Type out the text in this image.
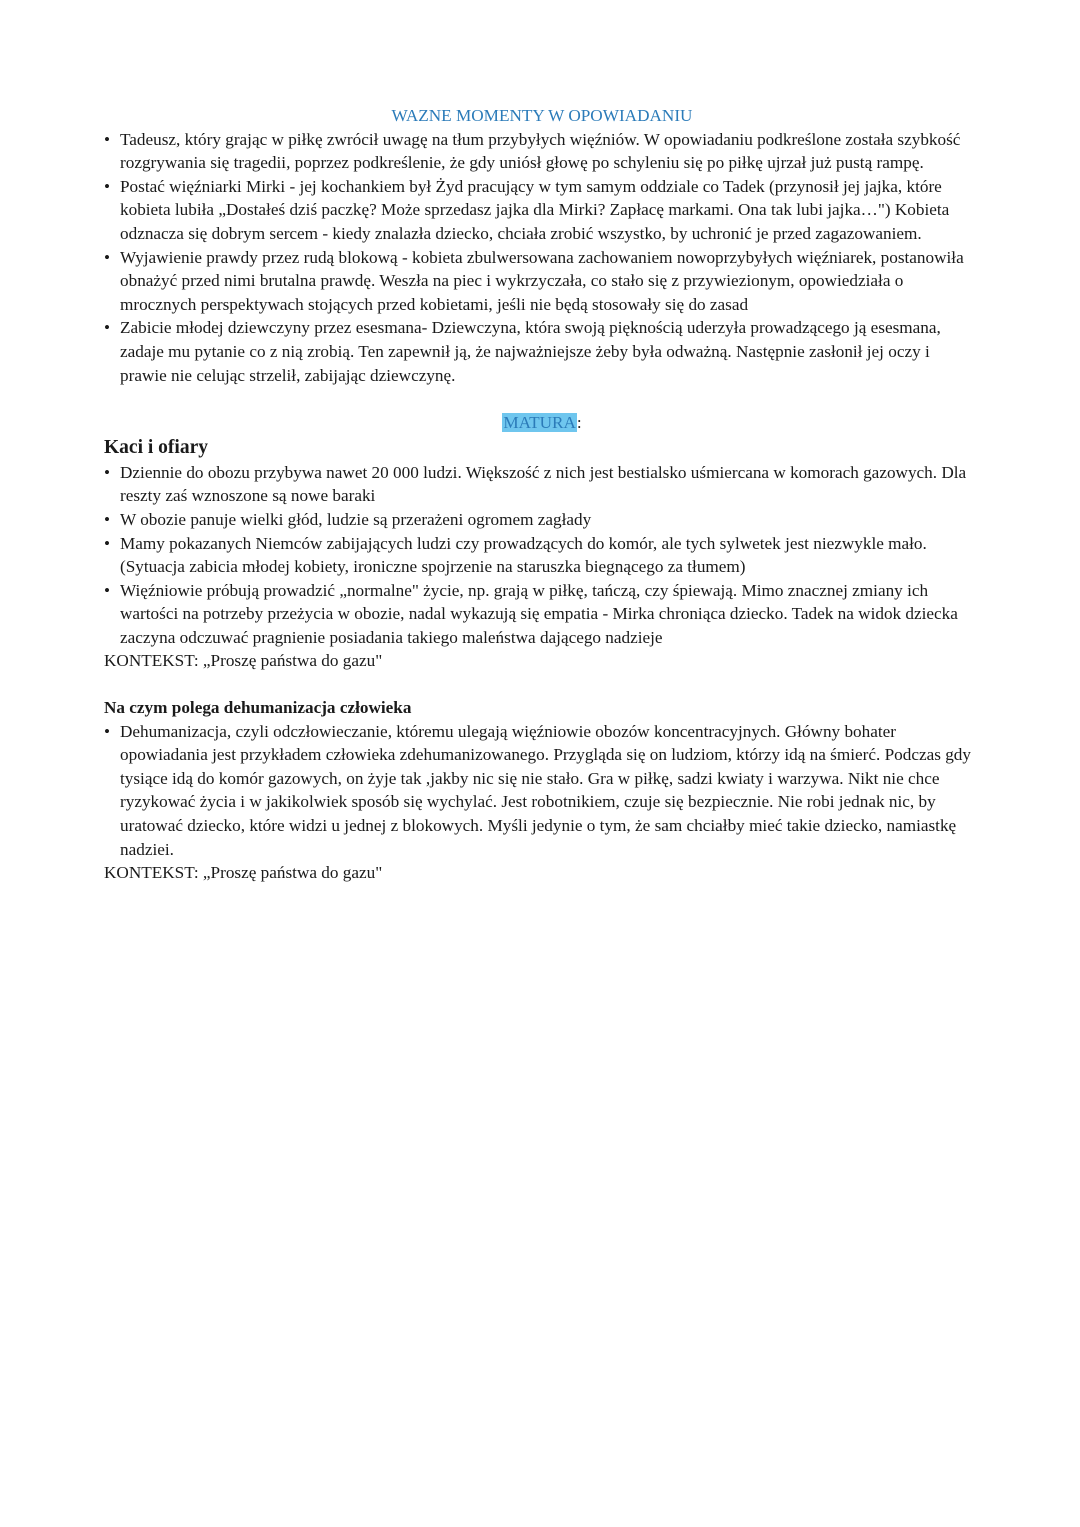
WAZNE MOMENTY W OPOWIADANIU

• Tadeusz, który grając w piłkę zwrócił uwagę na tłum przybyłych więźniów. W opowiadaniu podkreślone została szybkość rozgrywania się tragedii, poprzez podkreślenie, że gdy uniósł głowę po schyleniu się po piłkę ujrzał już pustą rampę.
• Postać więźniarki Mirki - jej kochankiem był Żyd pracujący w tym samym oddziale co Tadek (przynosił jej jajka, które kobieta lubiła „Dostałeś dziś paczkę? Może sprzedasz jajka dla Mirki? Zapłacę markami. Ona tak lubi jajka…") Kobieta odznacza się dobrym sercem - kiedy znalazła dziecko, chciała zrobić wszystko, by uchronić je przed zagazowaniem.
• Wyjawienie prawdy przez rudą blokową - kobieta zbulwersowana zachowaniem nowoprzybyłych więźniarek, postanowiła obnażyć przed nimi brutalna prawdę. Weszła na piec i wykrzyczała, co stało się z przywiezionym, opowiedziała o mrocznych perspektywach stojących przed kobietami, jeśli nie będą stosowały się do zasad
• Zabicie młodej dziewczyny przez esesmana- Dziewczyna, która swoją pięknością uderzyła prowadzącego ją esesmana, zadaje mu pytanie co z nią zrobią. Ten zapewnił ją, że najważniejsze żeby była odważną. Następnie zasłonił jej oczy i prawie nie celując strzelił, zabijając dziewczynę.

MATURA:

Kaci i ofiary
• Dziennie do obozu przybywa nawet 20 000 ludzi. Większość z nich jest bestialsko uśmiercana w komorach gazowych. Dla reszty zaś wznoszone są nowe baraki
• W obozie panuje wielki głód, ludzie są przerażeni ogromem zagłady
• Mamy pokazanych Niemców zabijających ludzi czy prowadzących do komór, ale tych sylwetek jest niezwykle mało. (Sytuacja zabicia młodej kobiety, ironiczne spojrzenie na staruszka biegnącego za tłumem)
• Więźniowie próbują prowadzić „normalne" życie, np. grają w piłkę, tańczą, czy śpiewają. Mimo znacznej zmiany ich wartości na potrzeby przeżycia w obozie, nadal wykazują się empatia - Mirka chroniąca dziecko. Tadek na widok dziecka zaczyna odczuwać pragnienie posiadania takiego maleństwa dającego nadzieje

KONTEKST: „Proszę państwa do gazu"

Na czym polega dehumanizacja człowieka
• Dehumanizacja, czyli odczłowieczanie, któremu ulegają więźniowie obozów koncentracyjnych. Główny bohater opowiadania jest przykładem człowieka zdehumanizowanego. Przygląda się on ludziom, którzy idą na śmierć. Podczas gdy tysiące idą do komór gazowych, on żyje tak ,jakby nic się nie stało. Gra w piłkę, sadzi kwiaty i warzywa. Nikt nie chce ryzykować życia i w jakikolwiek sposób się wychylać. Jest robotnikiem, czuje się bezpiecznie. Nie robi jednak nic, by uratować dziecko, które widzi u jednej z blokowych. Myśli jedynie o tym, że sam chciałby mieć takie dziecko, namiastkę nadziei.

KONTEKST: „Proszę państwa do gazu"
